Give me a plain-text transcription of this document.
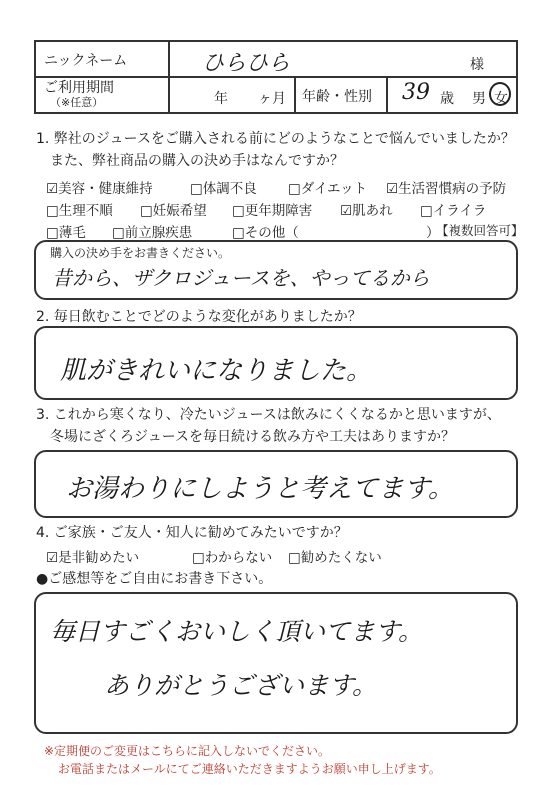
ニックネーム	ひらひら	様
ご利用期間
（※任意）	年 ヶ月	年齢・性別	39 歳 男 女
1. 弊社のジュースをご購入される前にどのようなことで悩んでいましたか？
また、弊社商品の購入の決め手はなんですか？
☑美容・健康維持	□体調不良 □ダイエット ☑生活習慣病の予防
□生理不順 □妊娠希望 □更年期障害 ☑肌あれ □イライラ
□薄毛 □前立腺疾患	□その他（	）
【複数回答可】
購入の決め手をお書きください。
昔から、ザクロジュースを、やってるから
2. 毎日飲むことでどのような変化がありましたか？
肌がきれいになりました。
3. これから寒くなり、冷たいジュースは飲みにくくなるかと思いますが、
冬場にざくろジュースを毎日続ける飲み方や工夫はありますか？
お湯わりにしようと考えてます。
4. ご家族・ご友人・知人に勧めてみたいですか？
☑是非勧めたい	□わからない □勧めたくない
●ご感想等をご自由にお書き下さい。
毎日すごくおいしく頂いてます。
ありがとうございます。
※定期便のご変更はこちらに記入しないでください。
お電話またはメールにてご連絡いただきますようお願い申し上げます。
